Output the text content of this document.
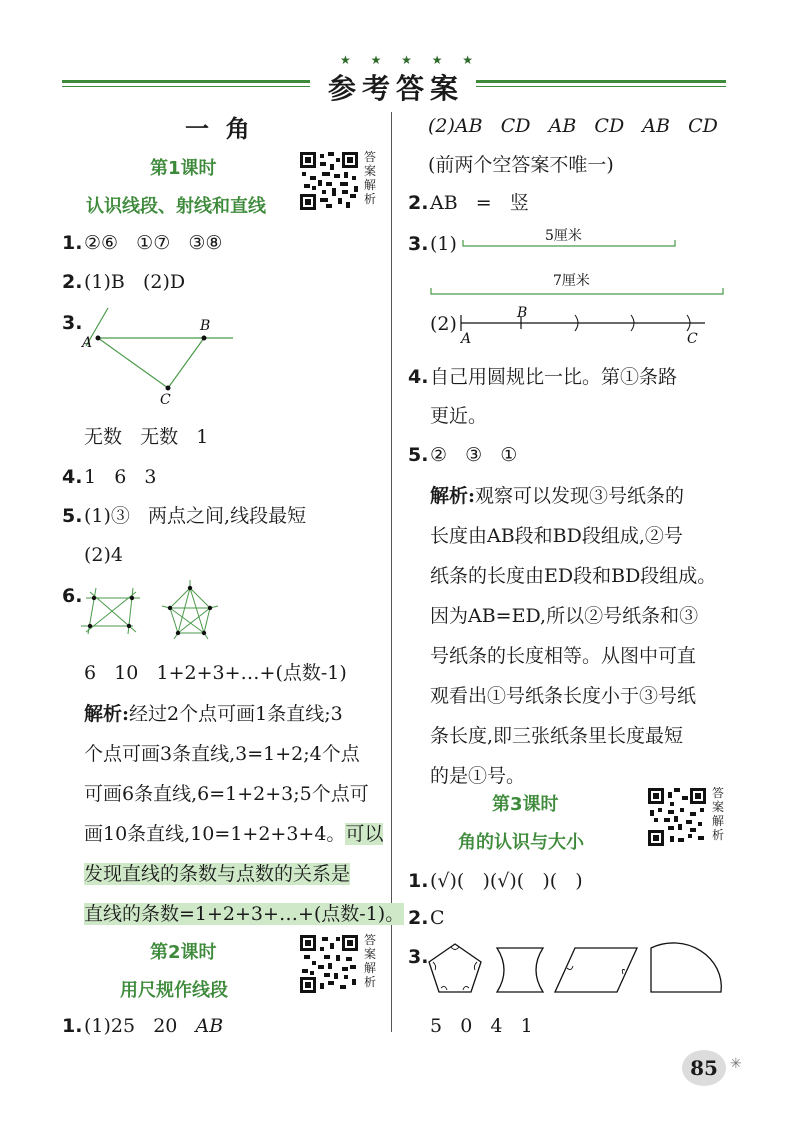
★ ★ ★ ★ ★
参考答案
一  角
第1课时
认识线段、射线和直线
答案解析
1. ②⑥   ①⑦   ③⑧
2. (1)B   (2)D
3.
A
B
C
无数   无数   1
4. 1   6   3
5. (1)③   两点之间,线段最短
(2)4
6.
6   10   1+2+3+…+(点数-1)
解析:经过2个点可画1条直线;3
个点可画3条直线,3=1+2;4个点
可画6条直线,6=1+2+3;5个点可
画10条直线,10=1+2+3+4。可以
发现直线的条数与点数的关系是
直线的条数=1+2+3+…+(点数-1)。
第2课时
用尺规作线段
答案解析
1. (1)25   20 AB
(2)AB   CD   AB   CD   AB   CD
(前两个空答案不唯一)
2. AB   =   竖
3. (1)	5厘米
7厘米
(2)
A
B
C
4. 自己用圆规比一比。第①条路
更近。
5. ②   ③   ①
解析:观察可以发现③号纸条的
长度由AB段和BD段组成,②号
纸条的长度由ED段和BD段组成。
因为AB=ED,所以②号纸条和③
号纸条的长度相等。从图中可直
观看出①号纸条长度小于③号纸
条长度,即三张纸条里长度最短
的是①号。
第3课时
角的认识与大小
答案解析
1. (√)(   )(√)(   )(   )
2. C
3.
5   0   4   1
85 ✳
